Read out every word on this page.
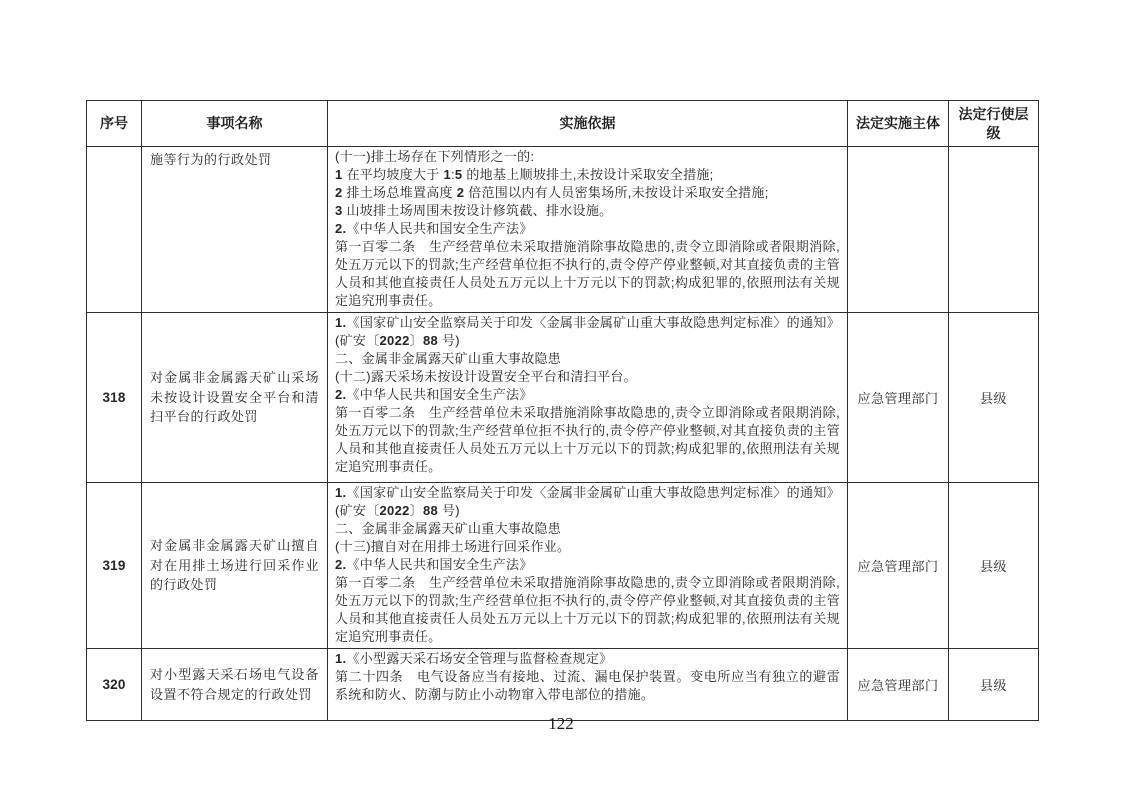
序号	事项名称	实施依据	法定实施主体	法定行使层级
	施等行为的行政处罚	(十一)排土场存在下列情形之一的:
1 在平均坡度大于 1:5 的地基上顺坡排土,未按设计采取安全措施;
2 排土场总堆置高度 2 倍范围以内有人员密集场所,未按设计采取安全措施;
3 山坡排土场周围未按设计修筑截、排水设施。
2.《中华人民共和国安全生产法》
第一百零二条　生产经营单位未采取措施消除事故隐患的,责令立即消除或者限期消除,处五万元以下的罚款;生产经营单位拒不执行的,责令停产停业整顿,对其直接负责的主管人员和其他直接责任人员处五万元以上十万元以下的罚款;构成犯罪的,依照刑法有关规定追究刑事责任。

318	对金属非金属露天矿山采场未按设计设置安全平台和清扫平台的行政处罚	1.《国家矿山安全监察局关于印发〈金属非金属矿山重大事故隐患判定标准〉的通知》(矿安〔2022〕88 号)
二、金属非金属露天矿山重大事故隐患
(十二)露天采场未按设计设置安全平台和清扫平台。
2.《中华人民共和国安全生产法》
第一百零二条　生产经营单位未采取措施消除事故隐患的,责令立即消除或者限期消除,处五万元以下的罚款;生产经营单位拒不执行的,责令停产停业整顿,对其直接负责的主管人员和其他直接责任人员处五万元以上十万元以下的罚款;构成犯罪的,依照刑法有关规定追究刑事责任。	应急管理部门	县级
319	对金属非金属露天矿山擅自对在用排土场进行回采作业的行政处罚	1.《国家矿山安全监察局关于印发〈金属非金属矿山重大事故隐患判定标准〉的通知》(矿安〔2022〕88 号)
二、金属非金属露天矿山重大事故隐患
(十三)擅自对在用排土场进行回采作业。
2.《中华人民共和国安全生产法》
第一百零二条　生产经营单位未采取措施消除事故隐患的,责令立即消除或者限期消除,处五万元以下的罚款;生产经营单位拒不执行的,责令停产停业整顿,对其直接负责的主管人员和其他直接责任人员处五万元以上十万元以下的罚款;构成犯罪的,依照刑法有关规定追究刑事责任。	应急管理部门	县级
320	对小型露天采石场电气设备设置不符合规定的行政处罚	1.《小型露天采石场安全管理与监督检查规定》
第二十四条　电气设备应当有接地、过流、漏电保护装置。变电所应当有独立的避雷系统和防火、防潮与防止小动物窜入带电部位的措施。	应急管理部门	县级
122
